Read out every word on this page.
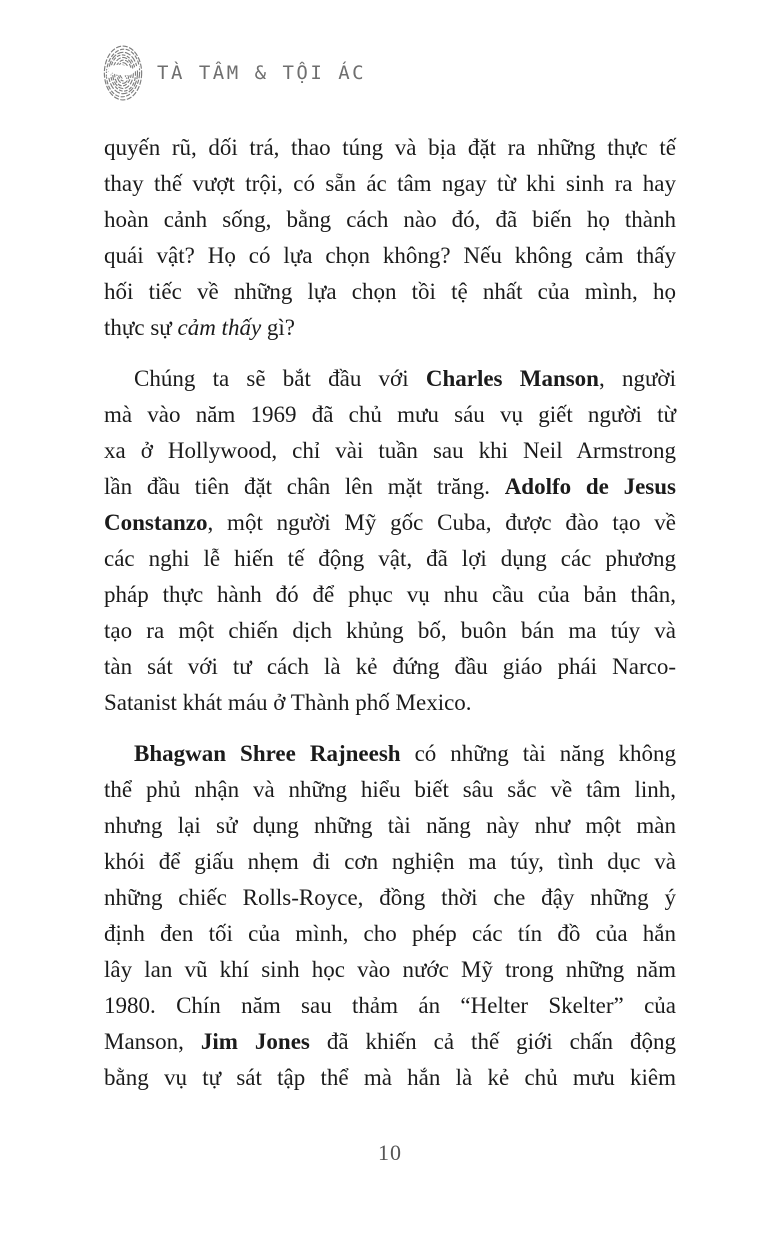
TÀ TÂM & TỘI ÁC
quyến rũ, dối trá, thao túng và bịa đặt ra những thực tế
thay thế vượt trội, có sẵn ác tâm ngay từ khi sinh ra hay
hoàn cảnh sống, bằng cách nào đó, đã biến họ thành
quái vật? Họ có lựa chọn không? Nếu không cảm thấy
hối tiếc về những lựa chọn tồi tệ nhất của mình, họ
thực sự cảm thấy gì?
Chúng ta sẽ bắt đầu với Charles Manson, người
mà vào năm 1969 đã chủ mưu sáu vụ giết người từ
xa ở Hollywood, chỉ vài tuần sau khi Neil Armstrong
lần đầu tiên đặt chân lên mặt trăng. Adolfo de Jesus
Constanzo, một người Mỹ gốc Cuba, được đào tạo về
các nghi lễ hiến tế động vật, đã lợi dụng các phương
pháp thực hành đó để phục vụ nhu cầu của bản thân,
tạo ra một chiến dịch khủng bố, buôn bán ma túy và
tàn sát với tư cách là kẻ đứng đầu giáo phái Narco-
Satanist khát máu ở Thành phố Mexico.
Bhagwan Shree Rajneesh có những tài năng không
thể phủ nhận và những hiểu biết sâu sắc về tâm linh,
nhưng lại sử dụng những tài năng này như một màn
khói để giấu nhẹm đi cơn nghiện ma túy, tình dục và
những chiếc Rolls-Royce, đồng thời che đậy những ý
định đen tối của mình, cho phép các tín đồ của hắn
lây lan vũ khí sinh học vào nước Mỹ trong những năm
1980. Chín năm sau thảm án “Helter Skelter” của
Manson, Jim Jones đã khiến cả thế giới chấn động
bằng vụ tự sát tập thể mà hắn là kẻ chủ mưu kiêm
10
